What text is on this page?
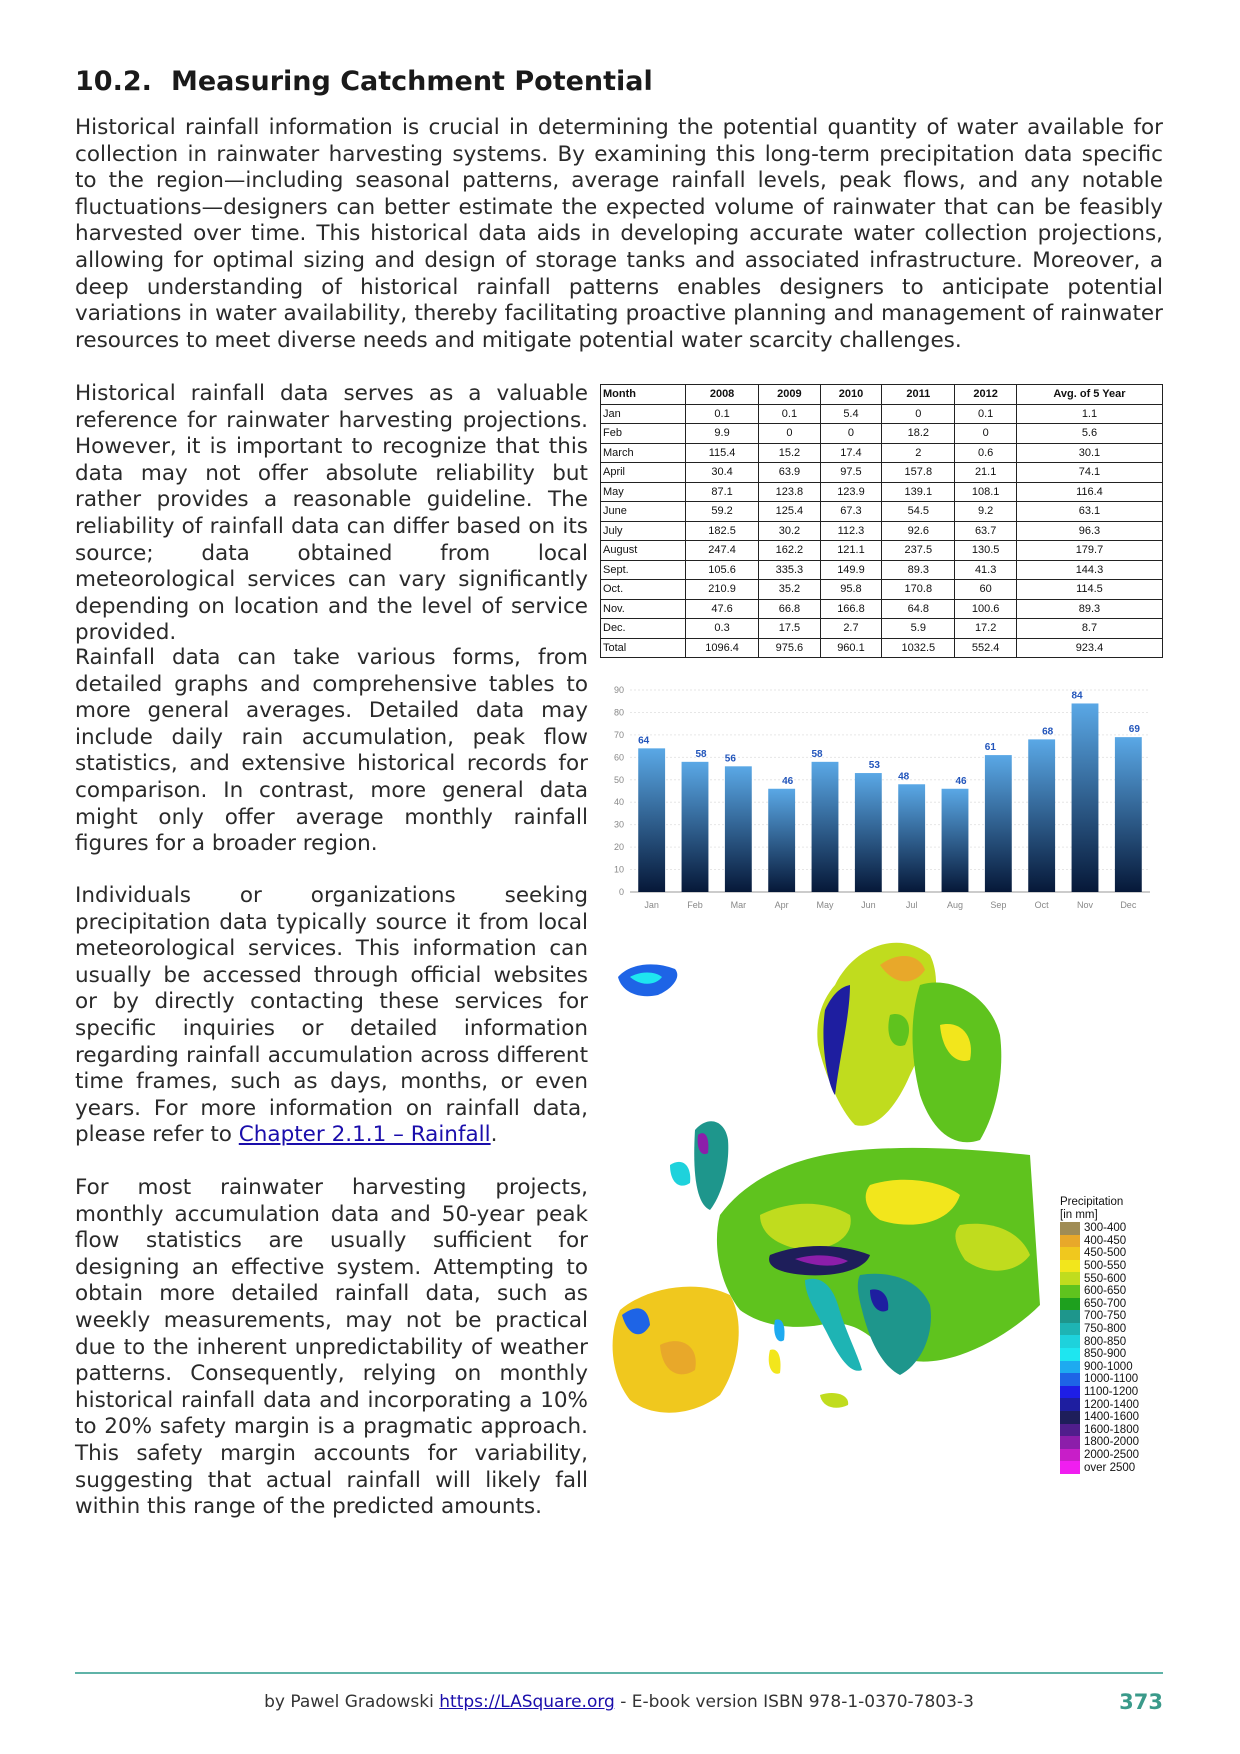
10.2. Measuring Catchment Potential

Historical rainfall information is crucial in determining the potential quantity of water available for collection in rainwater harvesting systems. By examining this long-term precipitation data specific to the region—including seasonal patterns, average rainfall levels, peak flows, and any notable fluctuations—designers can better estimate the expected volume of rainwater that can be feasibly harvested over time. This historical data aids in developing accurate water collection projections, allowing for optimal sizing and design of storage tanks and associated infrastructure. Moreover, a deep understanding of historical rainfall patterns enables designers to anticipate potential variations in water availability, thereby facilitating proactive planning and management of rainwater resources to meet diverse needs and mitigate potential water scarcity challenges.

Historical rainfall data serves as a valuable reference for rainwater harvesting projections. However, it is important to recognize that this data may not offer absolute reliability but rather provides a reasonable guideline. The reliability of rainfall data can differ based on its source; data obtained from local meteorological services can vary significantly depending on location and the level of service provided.

Rainfall data can take various forms, from detailed graphs and comprehensive tables to more general averages. Detailed data may include daily rain accumulation, peak flow statistics, and extensive historical records for comparison. In contrast, more general data might only offer average monthly rainfall figures for a broader region.

Individuals or organizations seeking precipitation data typically source it from local meteorological services. This information can usually be accessed through official websites or by directly contacting these services for specific inquiries or detailed information regarding rainfall accumulation across different time frames, such as days, months, or even years. For more information on rainfall data, please refer to Chapter 2.1.1 – Rainfall.

For most rainwater harvesting projects, monthly accumulation data and 50-year peak flow statistics are usually sufficient for designing an effective system. Attempting to obtain more detailed rainfall data, such as weekly measurements, may not be practical due to the inherent unpredictability of weather patterns. Consequently, relying on monthly historical rainfall data and incorporating a 10% to 20% safety margin is a pragmatic approach. This safety margin accounts for variability, suggesting that actual rainfall will likely fall within this range of the predicted amounts.

Month	2008	2009	2010	2011	2012	Avg. of 5 Year
Jan	0.1	0.1	5.4	0	0.1	1.1
Feb	9.9	0	0	18.2	0	5.6
March	115.4	15.2	17.4	2	0.6	30.1
April	30.4	63.9	97.5	157.8	21.1	74.1
May	87.1	123.8	123.9	139.1	108.1	116.4
June	59.2	125.4	67.3	54.5	9.2	63.1
July	182.5	30.2	112.3	92.6	63.7	96.3
August	247.4	162.2	121.1	237.5	130.5	179.7
Sept.	105.6	335.3	149.9	89.3	41.3	144.3
Oct.	210.9	35.2	95.8	170.8	60	114.5
Nov.	47.6	66.8	166.8	64.8	100.6	89.3
Dec.	0.3	17.5	2.7	5.9	17.2	8.7
Total	1096.4	975.6	960.1	1032.5	552.4	923.4
64
58 56
46
58
53
48	46
61
68
84
69
Jan	Feb	Mar	Apr	May	Jun	Jul	Aug	Sep	Oct	Nov	Dec
0
10
20
30
40
50
60
70
80
90
Precipitation
[in mm]
300-400
400-450
450-500
500-550
550-600
600-650
650-700
700-750
750-800
800-850
850-900
900-1000
1000-1100
1100-1200
1200-1400
1400-1600
1600-1800
1800-2000
2000-2500
over 2500
by Pawel Gradowski https://LASquare.org - E-book version ISBN 978-1-0370-7803-3	373
